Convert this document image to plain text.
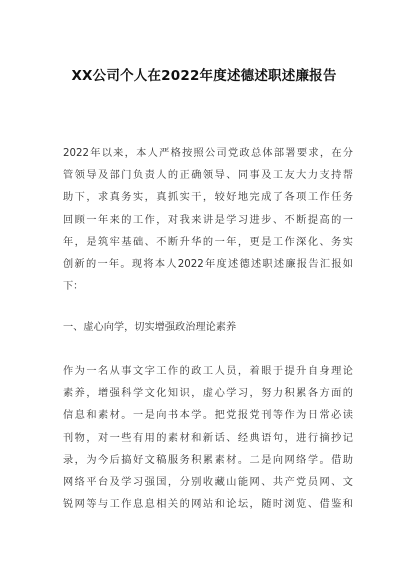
XX公司个人在2022年度述德述职述廉报告
2022年以来，本人严格按照公司党政总体部署要求，在分
管领导及部门负责人的正确领导、同事及工友大力支持帮
助下，求真务实，真抓实干，较好地完成了各项工作任务
回顾一年来的工作，对我来讲是学习进步、不断提高的一
年，是筑牢基础、不断升华的一年，更是工作深化、务实
创新的一年。现将本人2022年度述德述职述廉报告汇报如
下：
一、虚心向学，切实增强政治理论素养
作为一名从事文字工作的政工人员，着眼于提升自身理论
素养，增强科学文化知识，虚心学习，努力积累各方面的
信息和素材。一是向书本学。把党报党刊等作为日常必读
刊物，对一些有用的素材和新话、经典语句，进行摘抄记
录，为今后搞好文稿服务积累素材。二是向网络学。借助
网络平台及学习强国，分别收藏山能网、共产党员网、文
锐网等与工作息息相关的网站和论坛，随时浏览、借鉴和
